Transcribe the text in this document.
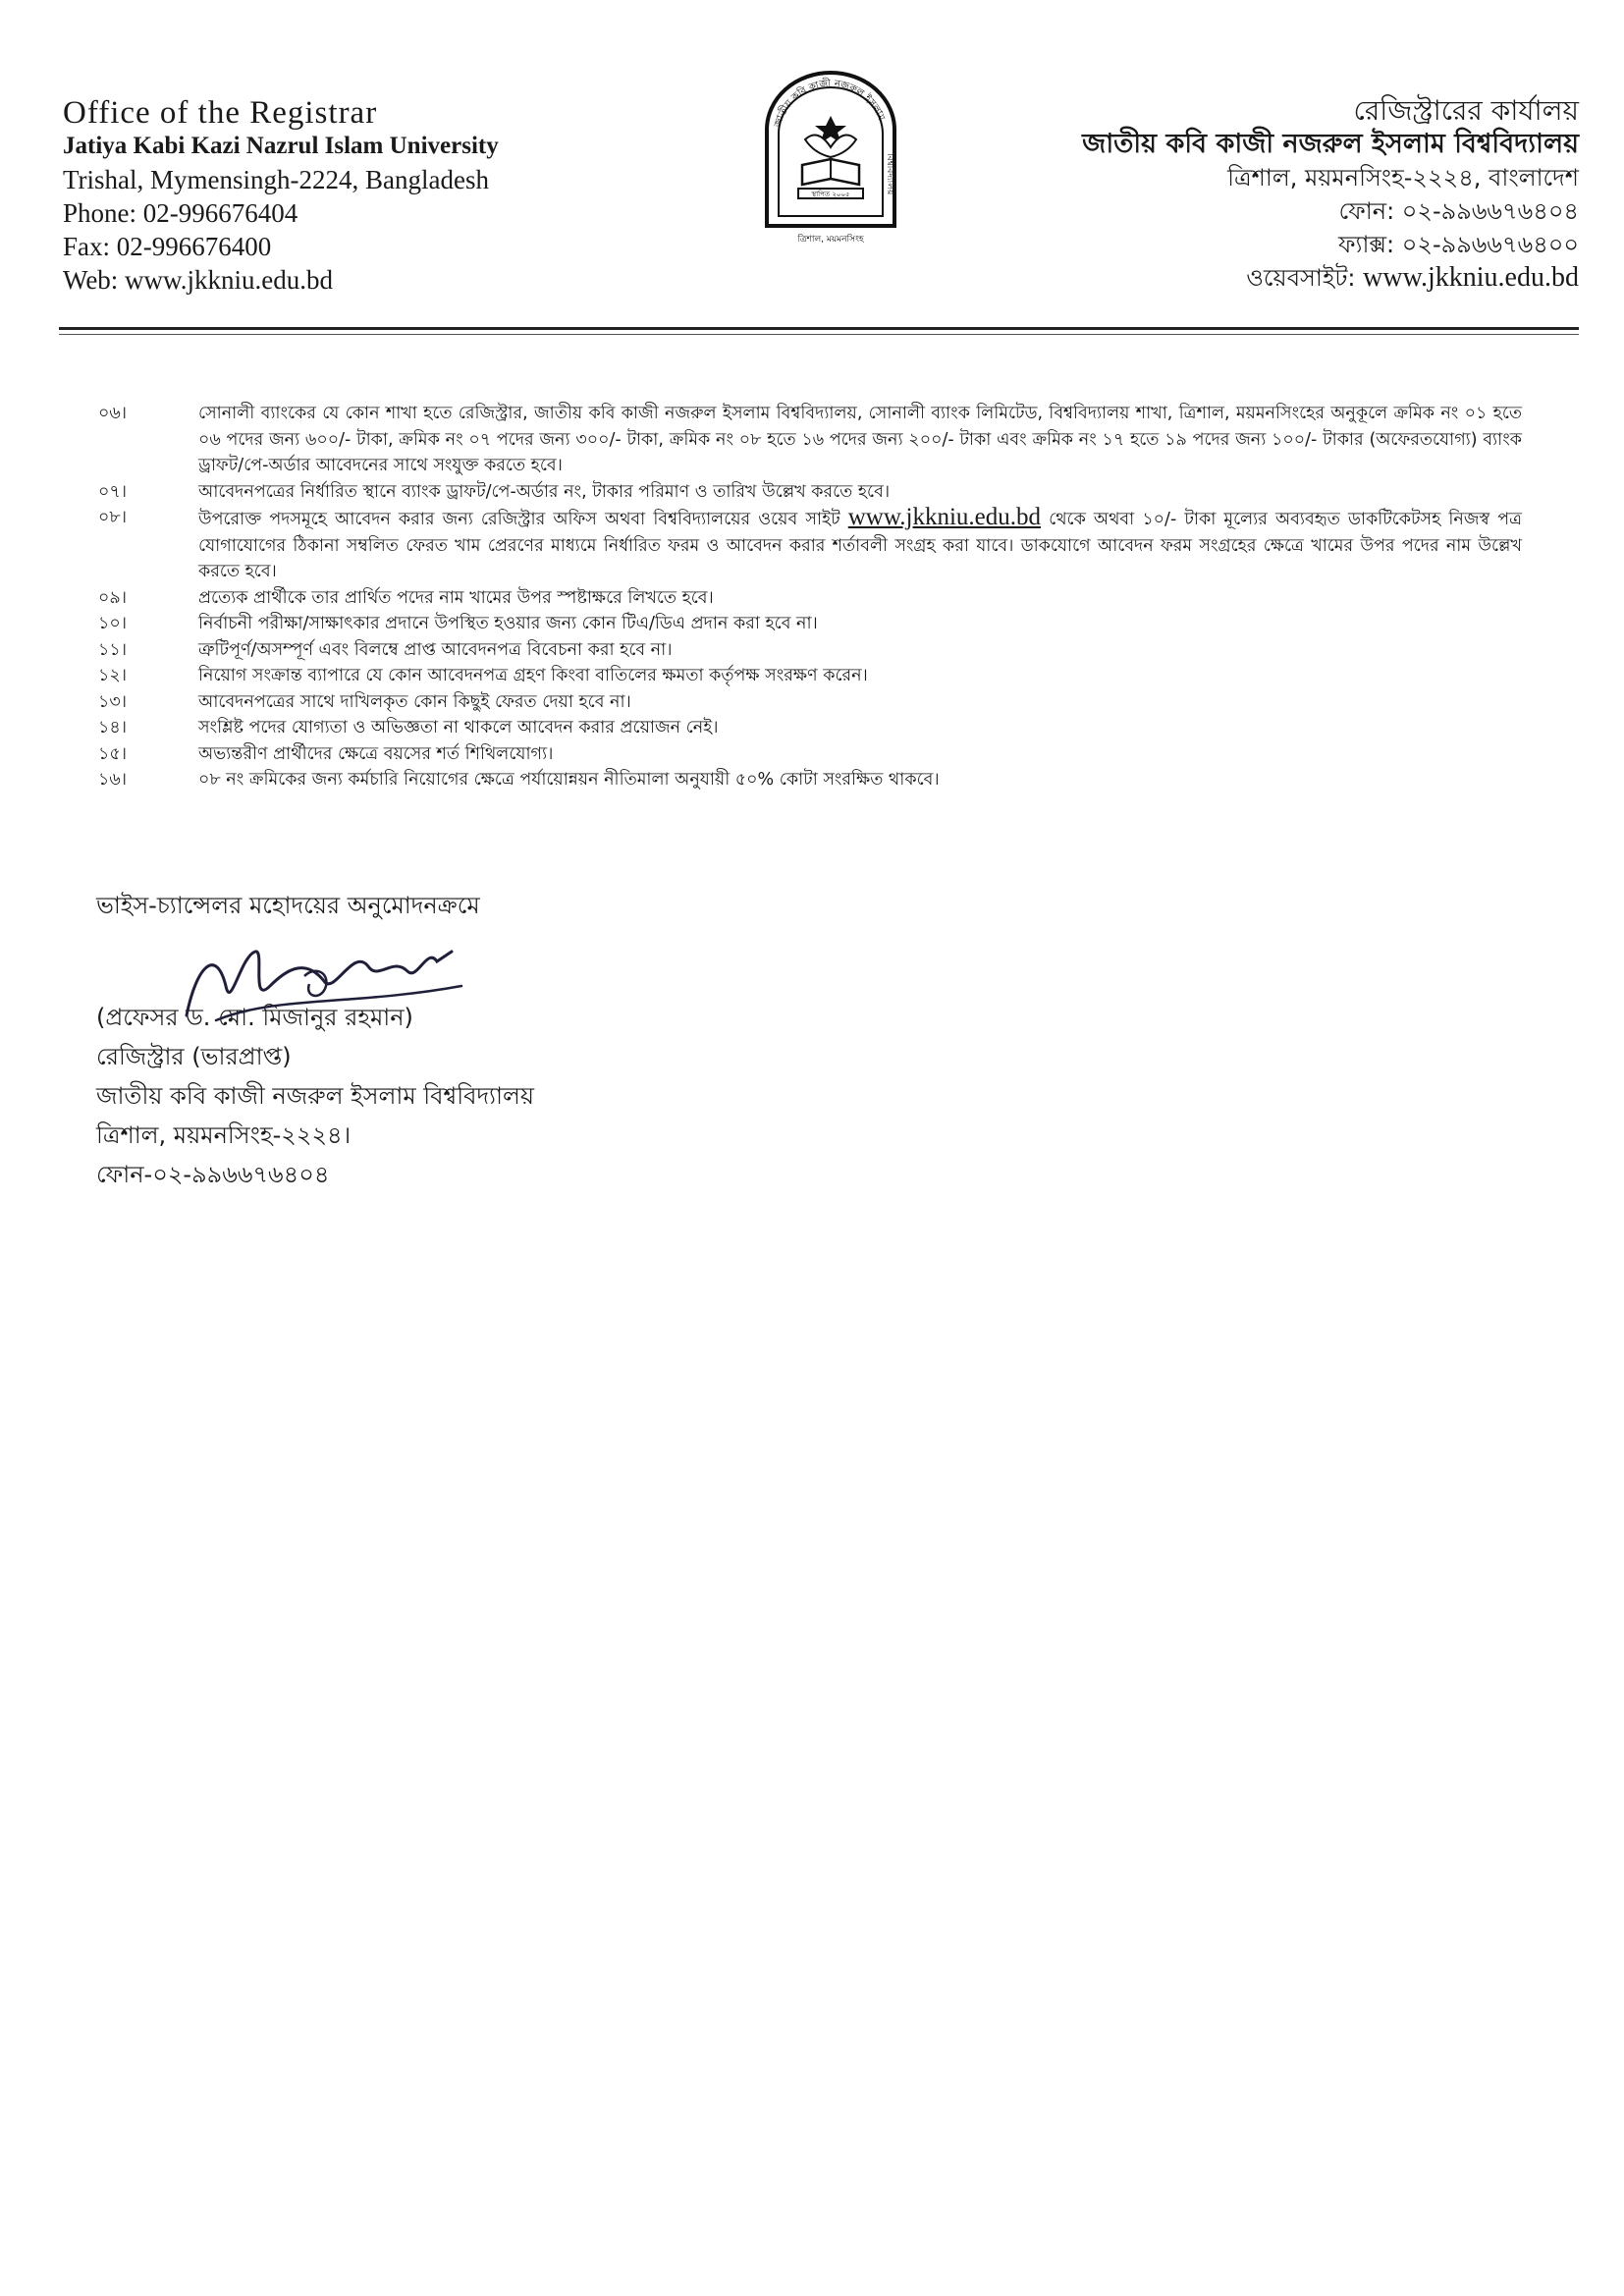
Office of the Registrar
Jatiya Kabi Kazi Nazrul Islam University
Trishal, Mymensingh-2224, Bangladesh
Phone: 02-996676404
Fax: 02-996676400
Web: www.jkkniu.edu.bd
জাতীয় কবি কাজী নজরুল ইসলাম
বিশ্ববিদ্যালয়
স্থাপিত ২০০৫
ত্রিশাল, ময়মনসিংহ
রেজিস্ট্রারের কার্যালয়
জাতীয় কবি কাজী নজরুল ইসলাম বিশ্ববিদ্যালয়
ত্রিশাল, ময়মনসিংহ-২২২৪, বাংলাদেশ
ফোন: ০২-৯৯৬৬৭৬৪০৪
ফ্যাক্স: ০২-৯৯৬৬৭৬৪০০
ওয়েবসাইট: www.jkkniu.edu.bd
০৬।	সোনালী ব্যাংকের যে কোন শাখা হতে রেজিস্ট্রার, জাতীয় কবি কাজী নজরুল ইসলাম বিশ্ববিদ্যালয়, সোনালী ব্যাংক লিমিটেড, বিশ্ববিদ্যালয় শাখা, ত্রিশাল, ময়মনসিংহের অনুকূলে ক্রমিক নং ০১ হতে ০৬ পদের জন্য ৬০০/- টাকা, ক্রমিক নং ০৭ পদের জন্য ৩০০/- টাকা, ক্রমিক নং ০৮ হতে ১৬ পদের জন্য ২০০/- টাকা এবং ক্রমিক নং ১৭ হতে ১৯ পদের জন্য ১০০/- টাকার (অফেরতযোগ্য) ব্যাংক ড্রাফট/পে-অর্ডার আবেদনের সাথে সংযুক্ত করতে হবে।
০৭।	আবেদনপত্রের নির্ধারিত স্থানে ব্যাংক ড্রাফট/পে-অর্ডার নং, টাকার পরিমাণ ও তারিখ উল্লেখ করতে হবে।
০৮।	উপরোক্ত পদসমূহে আবেদন করার জন্য রেজিস্ট্রার অফিস অথবা বিশ্ববিদ্যালয়ের ওয়েব সাইট www.jkkniu.edu.bd থেকে অথবা ১০/- টাকা মূল্যের অব্যবহৃত ডাকটিকেটসহ নিজস্ব পত্র যোগাযোগের ঠিকানা সম্বলিত ফেরত খাম প্রেরণের মাধ্যমে নির্ধারিত ফরম ও আবেদন করার শর্তাবলী সংগ্রহ করা যাবে। ডাকযোগে আবেদন ফরম সংগ্রহের ক্ষেত্রে খামের উপর পদের নাম উল্লেখ করতে হবে।
০৯।	প্রত্যেক প্রার্থীকে তার প্রার্থিত পদের নাম খামের উপর স্পষ্টাক্ষরে লিখতে হবে।
১০।	নির্বাচনী পরীক্ষা/সাক্ষাৎকার প্রদানে উপস্থিত হওয়ার জন্য কোন টিএ/ডিএ প্রদান করা হবে না।
১১।	ত্রুটিপূর্ণ/অসম্পূর্ণ এবং বিলম্বে প্রাপ্ত আবেদনপত্র বিবেচনা করা হবে না।
১২।	নিয়োগ সংক্রান্ত ব্যাপারে যে কোন আবেদনপত্র গ্রহণ কিংবা বাতিলের ক্ষমতা কর্তৃপক্ষ সংরক্ষণ করেন।
১৩।	আবেদনপত্রের সাথে দাখিলকৃত কোন কিছুই ফেরত দেয়া হবে না।
১৪।	সংশ্লিষ্ট পদের যোগ্যতা ও অভিজ্ঞতা না থাকলে আবেদন করার প্রয়োজন নেই।
১৫।	অভ্যন্তরীণ প্রার্থীদের ক্ষেত্রে বয়সের শর্ত শিথিলযোগ্য।
১৬।	০৮ নং ক্রমিকের জন্য কর্মচারি নিয়োগের ক্ষেত্রে পর্যায়োন্নয়ন নীতিমালা অনুযায়ী ৫০% কোটা সংরক্ষিত থাকবে।
ভাইস-চ্যান্সেলর মহোদয়ের অনুমোদনক্রমে
(প্রফেসর ড. মো. মিজানুর রহমান)
রেজিস্ট্রার (ভারপ্রাপ্ত)
জাতীয় কবি কাজী নজরুল ইসলাম বিশ্ববিদ্যালয়
ত্রিশাল, ময়মনসিংহ-২২২৪।
ফোন-০২-৯৯৬৬৭৬৪০৪
